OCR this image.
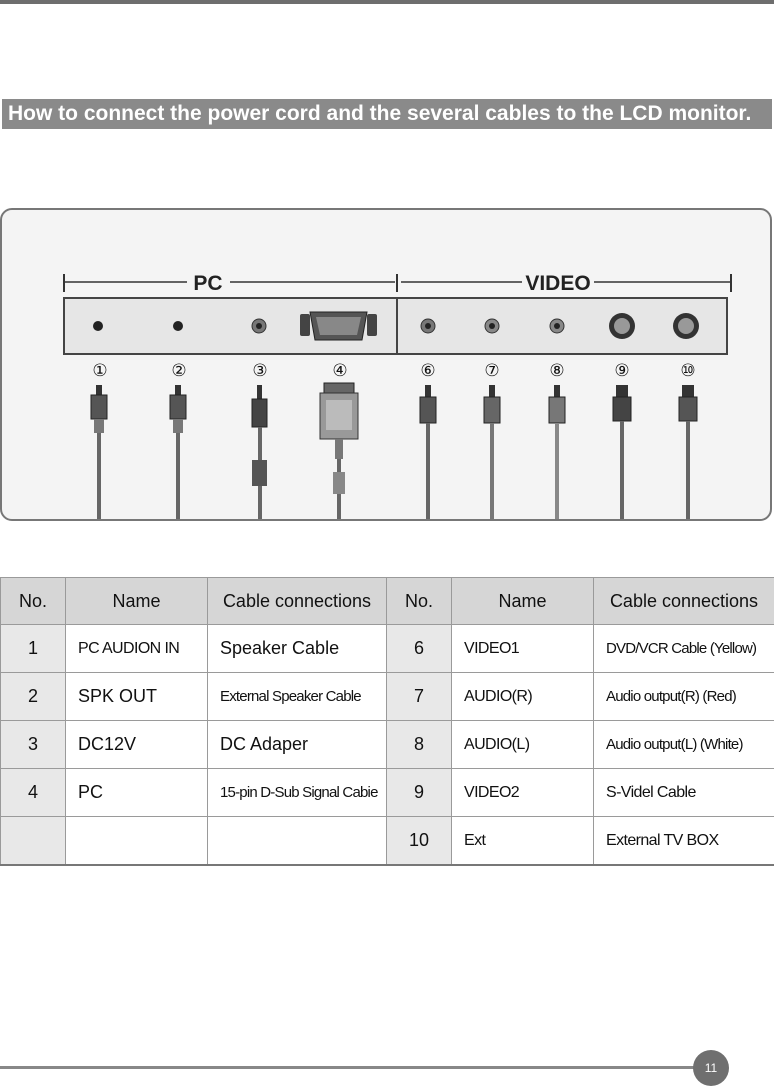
How to connect the power cord and the several cables to the LCD monitor.
PC	VIDEO
①	②	③	④	⑥	⑦	⑧	⑨	⑩
No.	Name	Cable connections	No.	Name	Cable connections
1	PC AUDION IN	Speaker Cable	6	VIDEO1	DVD/VCR Cable (Yellow)
2	SPK OUT	External Speaker Cable	7	AUDIO(R)	Audio output(R) (Red)
3	DC12V	DC Adaper	8	AUDIO(L)	Audio output(L) (White)
4	PC	15-pin D-Sub Signal Cabie	9	VIDEO2	S-Videl Cable
			10	Ext	External TV BOX
11
